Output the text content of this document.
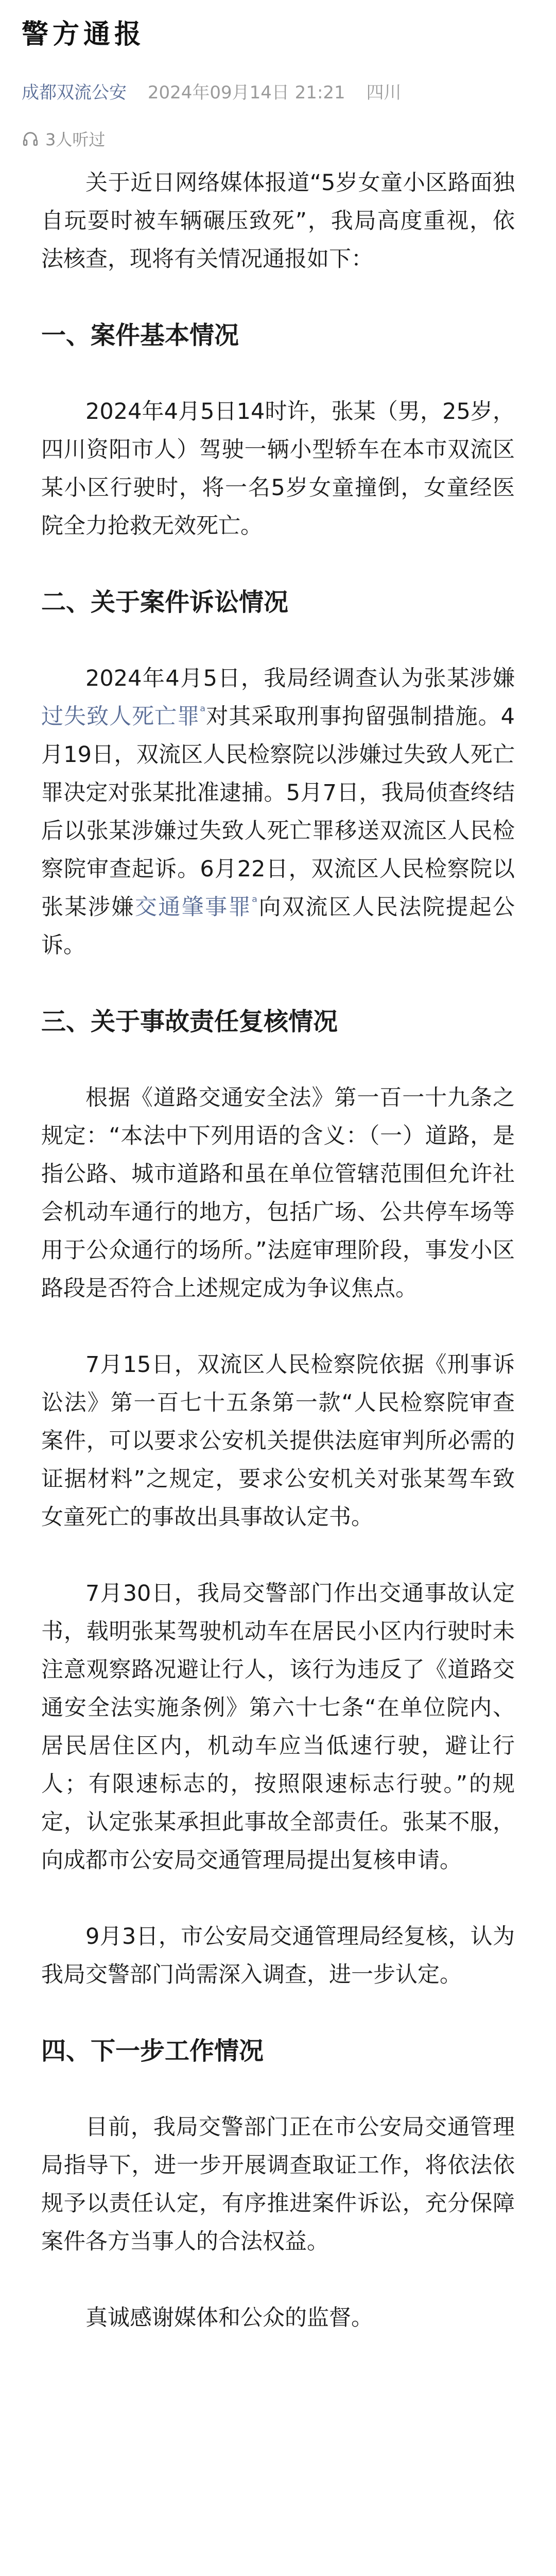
警方通报
成都双流公安 2024年09月14日 21:21 四川
3人听过

关于近日网络媒体报道“5岁女童小区路面独自玩耍时被车辆碾压致死”，我局高度重视，依法核查，现将有关情况通报如下：

一、案件基本情况

2024年4月5日14时许，张某（男，25岁，四川资阳市人）驾驶一辆小型轿车在本市双流区某小区行驶时，将一名5岁女童撞倒，女童经医院全力抢救无效死亡。

二、关于案件诉讼情况

2024年4月5日，我局经调查认为张某涉嫌过失致人死亡罪$^ᵃ$对其采取刑事拘留强制措施。4月19日，双流区人民检察院以涉嫌过失致人死亡罪决定对张某批准逮捕。5月7日，我局侦查终结后以张某涉嫌过失致人死亡罪移送双流区人民检察院审查起诉。6月22日，双流区人民检察院以张某涉嫌交通肇事罪$^ᵃ$向双流区人民法院提起公诉。

三、关于事故责任复核情况

根据《道路交通安全法》第一百一十九条之规定：“本法中下列用语的含义：（一）道路，是指公路、城市道路和虽在单位管辖范围但允许社会机动车通行的地方，包括广场、公共停车场等用于公众通行的场所。”法庭审理阶段，事发小区路段是否符合上述规定成为争议焦点。

7月15日，双流区人民检察院依据《刑事诉讼法》第一百七十五条第一款“人民检察院审查案件，可以要求公安机关提供法庭审判所必需的证据材料”之规定，要求公安机关对张某驾车致女童死亡的事故出具事故认定书。

7月30日，我局交警部门作出交通事故认定书，载明张某驾驶机动车在居民小区内行驶时未注意观察路况避让行人，该行为违反了《道路交通安全法实施条例》第六十七条“在单位院内、居民居住区内，机动车应当低速行驶，避让行人；有限速标志的，按照限速标志行驶。”的规定，认定张某承担此事故全部责任。张某不服，向成都市公安局交通管理局提出复核申请。

9月3日，市公安局交通管理局经复核，认为我局交警部门尚需深入调查，进一步认定。

四、下一步工作情况

目前，我局交警部门正在市公安局交通管理局指导下，进一步开展调查取证工作，将依法依规予以责任认定，有序推进案件诉讼，充分保障案件各方当事人的合法权益。

真诚感谢媒体和公众的监督。
